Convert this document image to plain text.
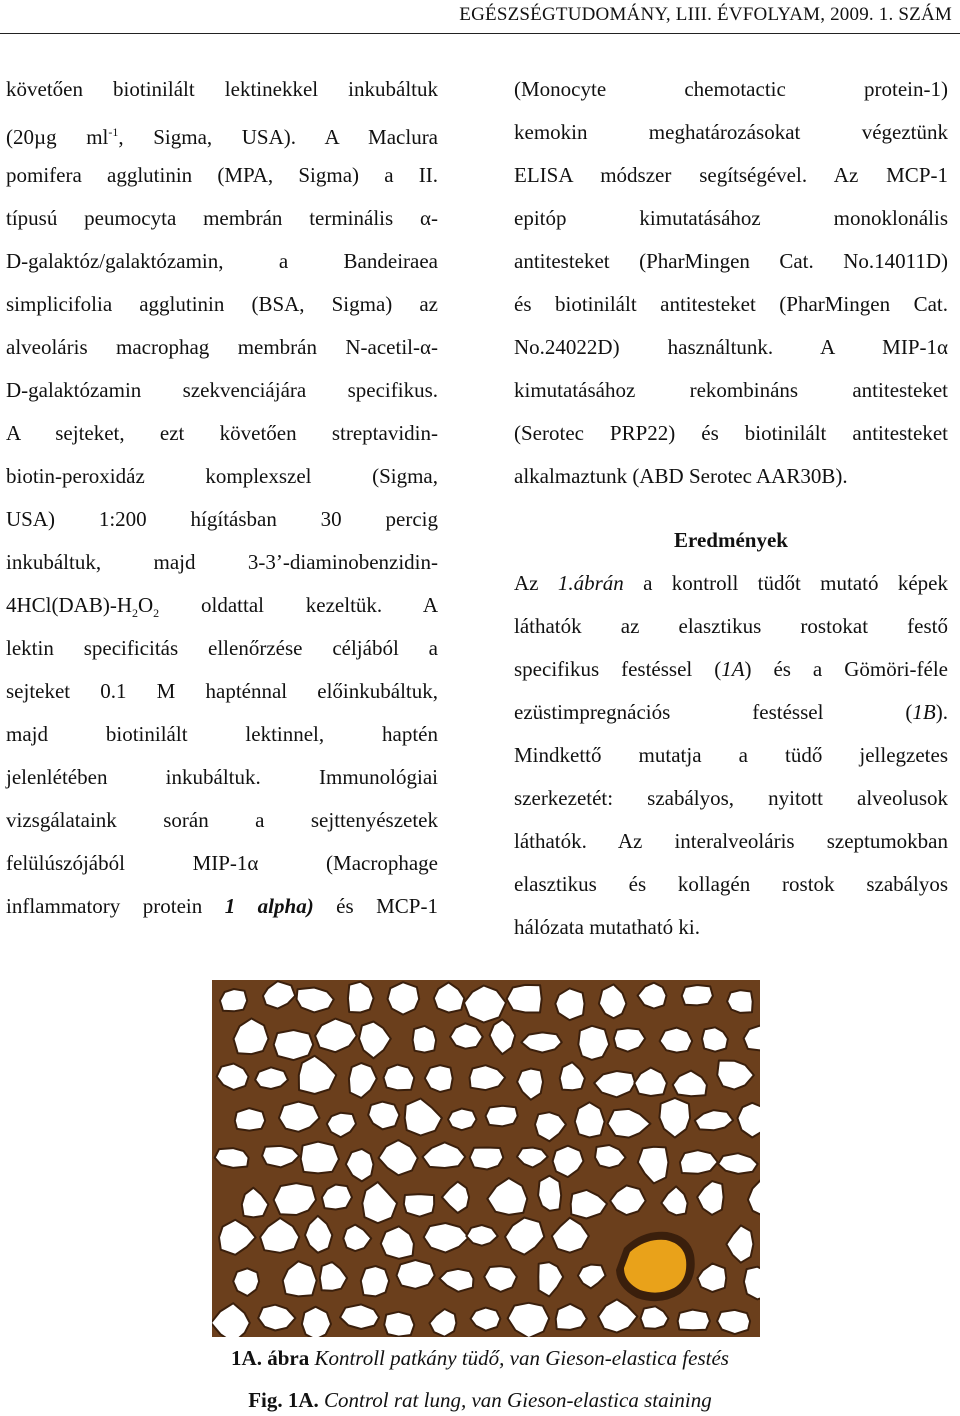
EGÉSZSÉGTUDOMÁNY, LIII. ÉVFOLYAM, 2009. 1. SZÁM
követően biotinilált lektinekkel inkubáltuk
(20µg $ml^{-1}$, Sigma, USA). A Maclura
pomifera agglutinin (MPA, Sigma) a II.
típusú peumocyta membrán terminális α-
D-galaktóz/galaktózamin, a Bandeiraea
simplicifolia agglutinin (BSA, Sigma) az
alveoláris macrophag membrán N-acetil-α-
D-galaktózamin szekvenciájára specifikus.
A sejteket, ezt követően streptavidin-
biotin-peroxidáz komplexszel (Sigma,
USA) 1:200 hígításban 30 percig
inkubáltuk, majd 3-3’-diaminobenzidin-
$4HCl(DAB)-H_2O_2$ oldattal kezeltük. A
lektin specificitás ellenőrzése céljából a
sejteket 0.1 M hapténnal előinkubáltuk,
majd biotinilált lektinnel, haptén
jelenlétében inkubáltuk. Immunológiai
vizsgálataink során a sejttenyészetek
felülúszójából MIP-1α (Macrophage
inflammatory protein 1 alpha) és MCP-1
(Monocyte chemotactic protein-1)
kemokin meghatározásokat végeztünk
ELISA módszer segítségével. Az MCP-1
epitóp kimutatásához monoklonális
antitesteket (PharMingen Cat. No.14011D)
és biotinilált antitesteket (PharMingen Cat.
No.24022D) használtunk. A MIP-1α
kimutatásához rekombináns antitesteket
(Serotec PRP22) és biotinilált antitesteket
alkalmaztunk (ABD Serotec AAR30B).
Eredmények
Az 1.ábrán a kontroll tüdőt mutató képek
láthatók az elasztikus rostokat festő
specifikus festéssel (1A) és a Gömöri-féle
ezüstimpregnációs festéssel (1B).
Mindkettő mutatja a tüdő jellegzetes
szerkezetét: szabályos, nyitott alveolusok
láthatók. Az interalveoláris szeptumokban
elasztikus és kollagén rostok szabályos
hálózata mutatható ki.
1A. ábra Kontroll patkány tüdő, van Gieson-elastica festés
Fig. 1A. Control rat lung, van Gieson-elastica staining
